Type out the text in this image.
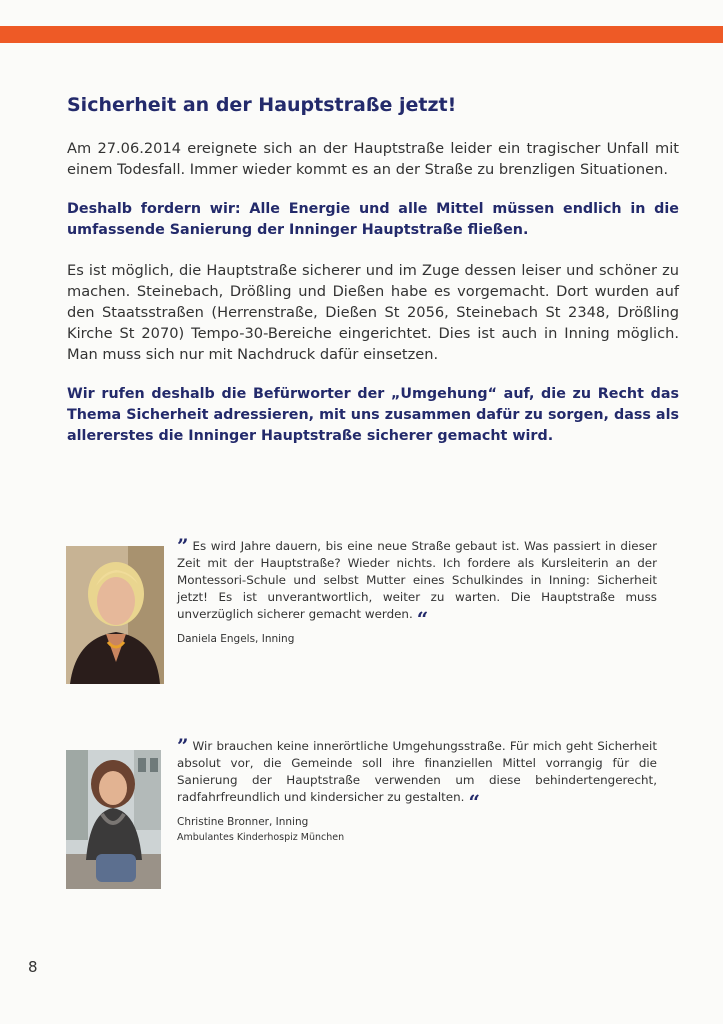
Sicherheit an der Hauptstraße jetzt!

Am 27.06.2014 ereignete sich an der Hauptstraße leider ein tragischer Unfall mit einem Todesfall. Immer wieder kommt es an der Straße zu brenzligen Situationen.

Deshalb fordern wir: Alle Energie und alle Mittel müssen endlich in die umfassende Sanierung der Inninger Hauptstraße fließen.

Es ist möglich, die Hauptstraße sicherer und im Zuge dessen leiser und schöner zu machen. Steinebach, Drößling und Dießen habe es vorgemacht. Dort wurden auf den Staatsstraßen (Herrenstraße, Dießen St 2056, Steinebach St 2348, Drößling Kirche St 2070) Tempo-30-Bereiche eingerichtet. Dies ist auch in Inning möglich. Man muss sich nur mit Nachdruck dafür einsetzen.

Wir rufen deshalb die Befürworter der „Umgehung“ auf, die zu Recht das Thema Sicherheit adressieren, mit uns zusammen dafür zu sorgen, dass als allererstes die Inninger Hauptstraße sicherer gemacht wird.

” Es wird Jahre dauern, bis eine neue Straße gebaut ist. Was passiert in dieser Zeit mit der Hauptstraße? Wieder nichts. Ich fordere als Kursleiterin an der Montessori-Schule und selbst Mutter eines Schulkindes in Inning: Sicherheit jetzt! Es ist unverantwortlich, weiter zu warten. Die Hauptstraße muss unverzüglich sicherer gemacht werden. “
Daniela Engels, Inning
” Wir brauchen keine innerörtliche Umgehungsstraße. Für mich geht Sicherheit absolut vor, die Gemeinde soll ihre finanziellen Mittel vorrangig für die Sanierung der Hauptstraße verwenden um diese behindertengerecht, radfahrfreundlich und kindersicher zu gestalten. “
Christine Bronner, Inning
Ambulantes Kinderhospiz München
8
